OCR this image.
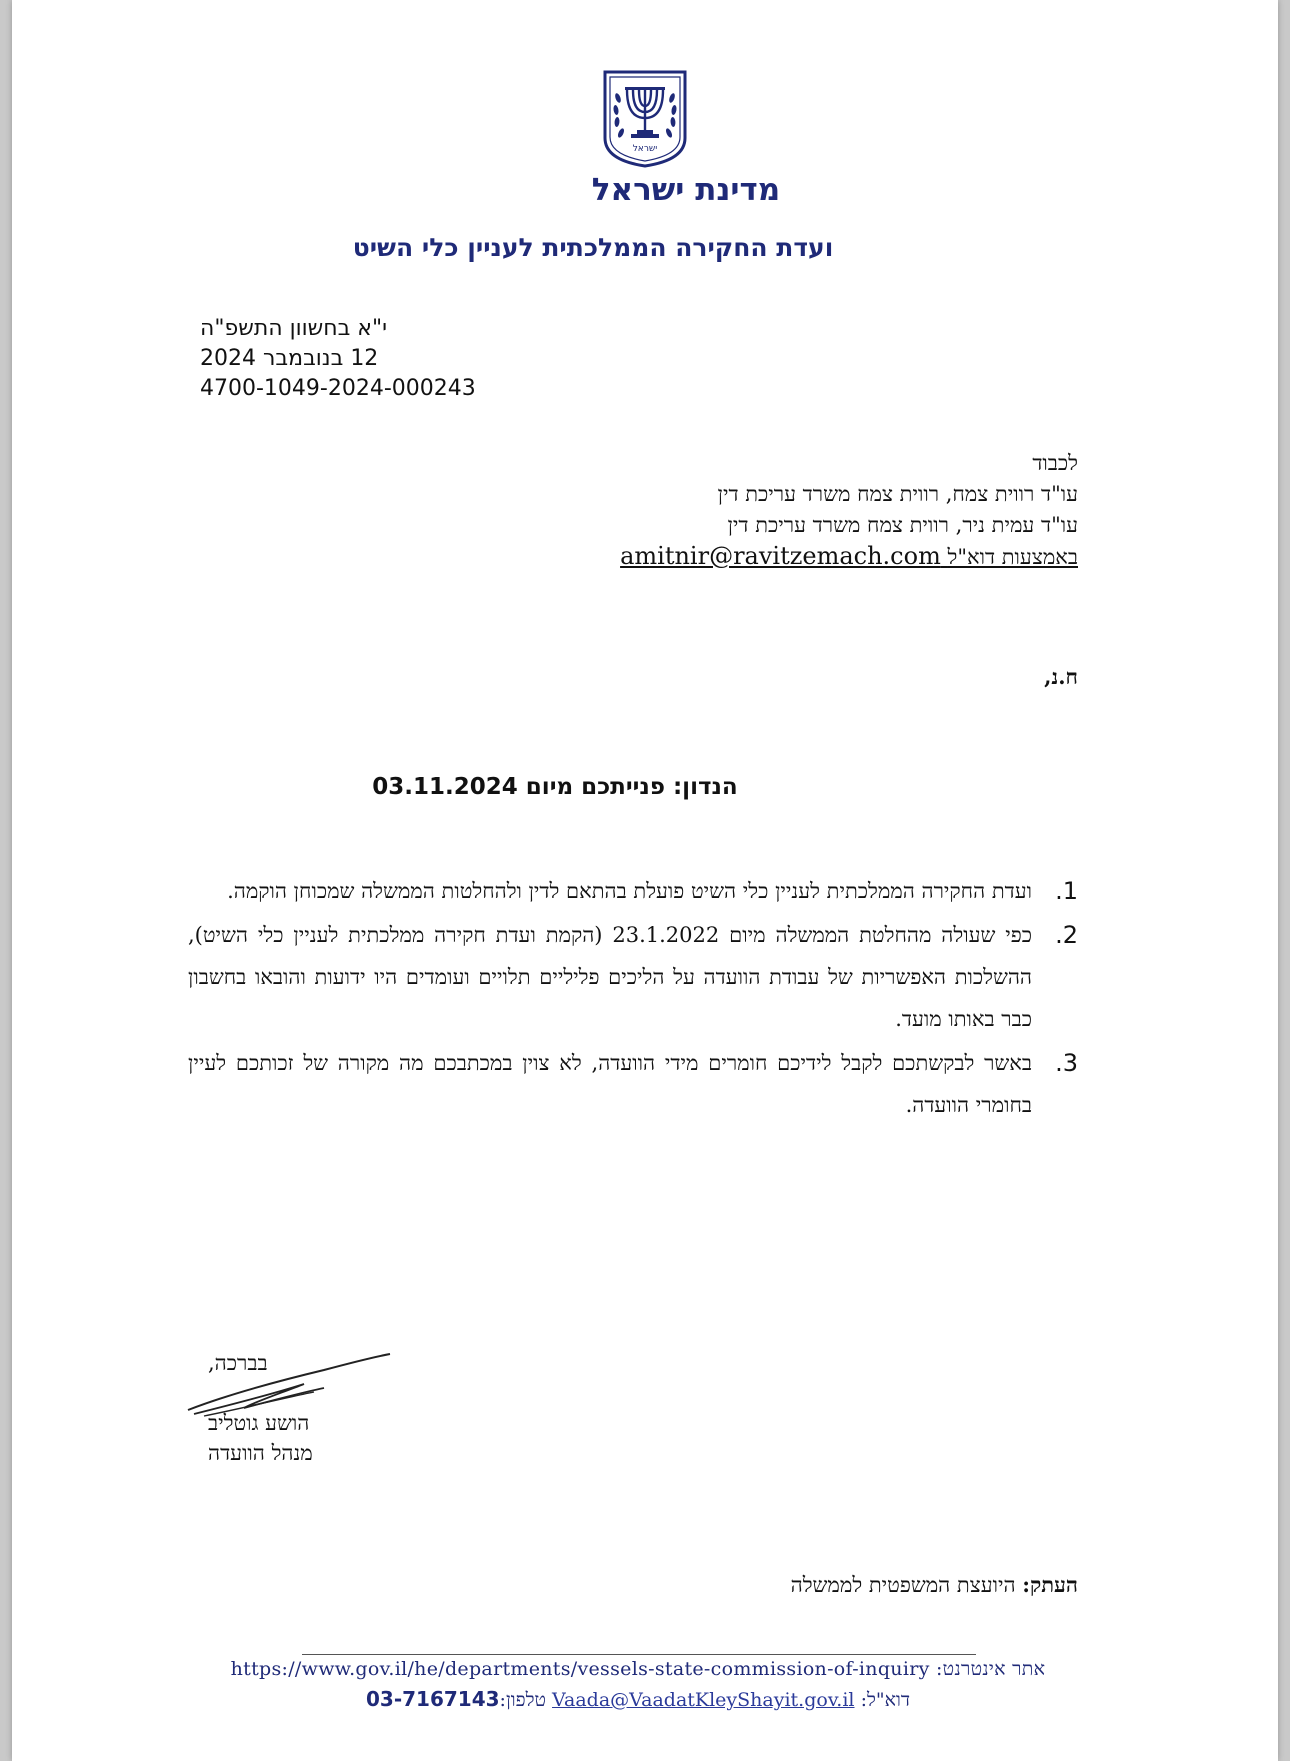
ישראל
מדינת ישראל
ועדת החקירה הממלכתית לעניין כלי השיט
י"א בחשוון התשפ"ה
12 בנובמבר 2024
4700-1049-2024-000243
לכבוד
עו"ד רווית צמח, רווית צמח משרד עריכת דין
עו"ד עמית ניר, רווית צמח משרד עריכת דין
באמצעות דוא"ל amitnir@ravitzemach.com
ח.נ,
הנדון: פנייתכם מיום 03.11.2024
1.
ועדת החקירה הממלכתית לעניין כלי השיט פועלת בהתאם לדין ולהחלטות הממשלה שמכוחן הוקמה.
2.
כפי שעולה מהחלטת הממשלה מיום 23.1.2022 (הקמת ועדת חקירה ממלכתית לעניין כלי השיט), ההשלכות האפשריות של עבודת הוועדה על הליכים פליליים תלויים ועומדים היו ידועות והובאו בחשבון כבר באותו מועד.
3.
באשר לבקשתכם לקבל לידיכם חומרים מידי הוועדה, לא צוין במכתבכם מה מקורה של זכותכם לעיין בחומרי הוועדה.
בברכה,
הושע גוטליב
מנהל הוועדה
העתק: היועצת המשפטית לממשלה
אתר אינטרנט: https://www.gov.il/he/departments/vessels-state-commission-of-inquiry
דוא"ל: Vaada@VaadatKleyShayit.gov.il טלפון:03-7167143
